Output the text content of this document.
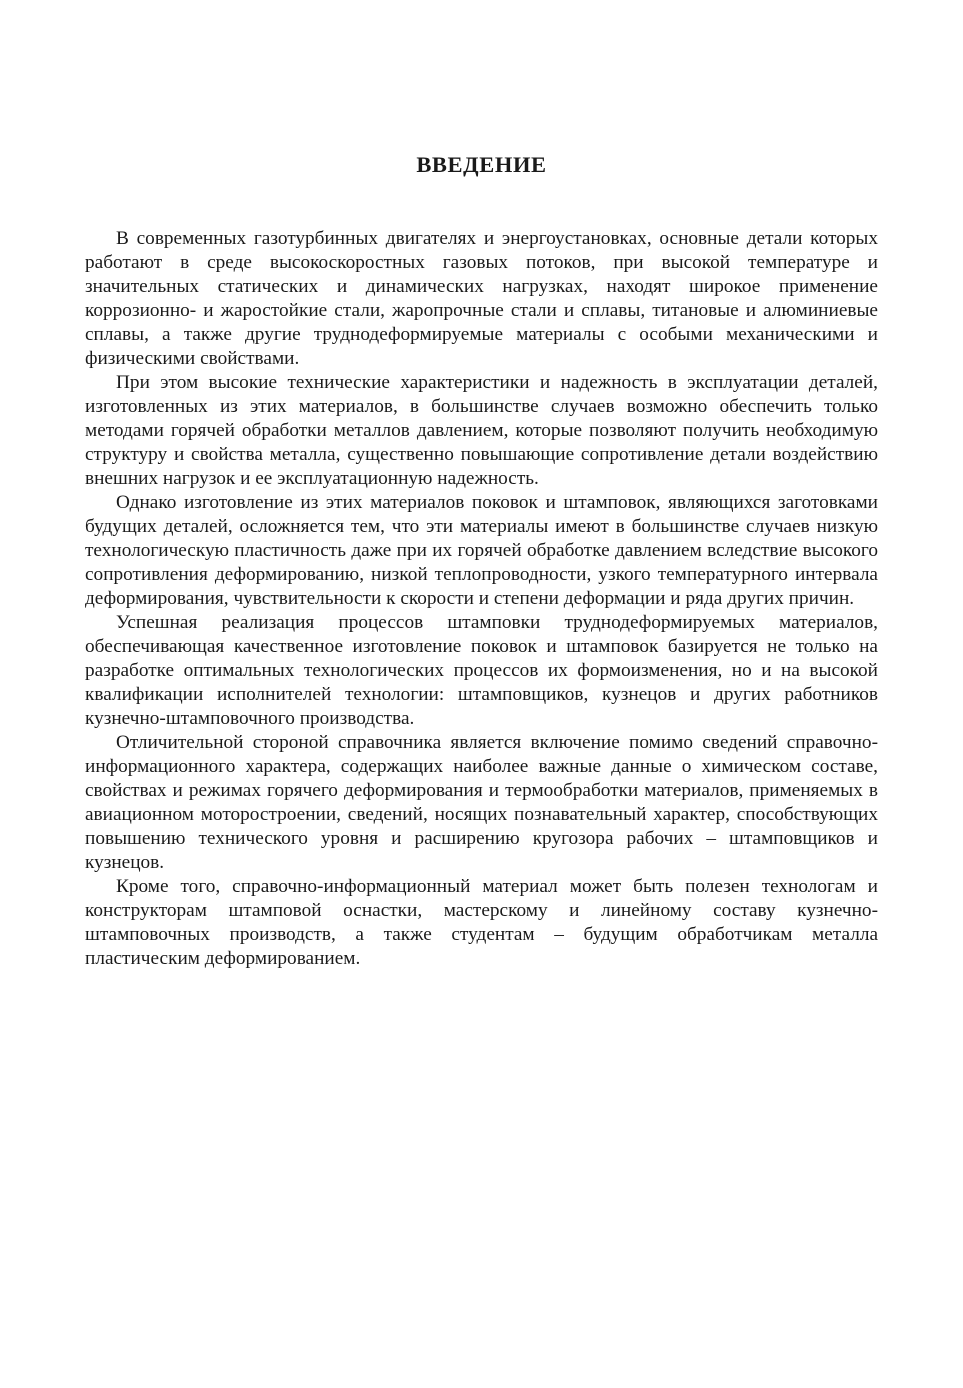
ВВЕДЕНИЕ

В современных газотурбинных двигателях и энергоустановках, основные детали которых работают в среде высокоскоростных газовых потоков, при высокой температуре и значительных статических и динамических нагрузках, находят широкое применение коррозионно- и жаростойкие стали, жаропрочные стали и сплавы, титановые и алюминиевые сплавы, а также другие труднодеформируемые материалы с особыми механическими и физическими свойствами.

При этом высокие технические характеристики и надежность в эксплуатации деталей, изготовленных из этих материалов, в большинстве случаев возможно обеспечить только методами горячей обработки металлов давлением, которые позволяют получить необходимую структуру и свойства металла, существенно повышающие сопротивление детали воздействию внешних нагрузок и ее эксплуатационную надежность.

Однако изготовление из этих материалов поковок и штамповок, являющихся заготовками будущих деталей, осложняется тем, что эти материалы имеют в большинстве случаев низкую технологическую пластичность даже при их горячей обработке давлением вследствие высокого сопротивления деформированию, низкой теплопроводности, узкого температурного интервала деформирования, чувствительности к скорости и степени деформации и ряда других причин.

Успешная реализация процессов штамповки труднодеформируемых материалов, обеспечивающая качественное изготовление поковок и штамповок базируется не только на разработке оптимальных технологических процессов их формоизменения, но и на высокой квалификации исполнителей технологии: штамповщиков, кузнецов и других работников кузнечно-штамповочного производства.

Отличительной стороной справочника является включение помимо сведений справочно-информационного характера, содержащих наиболее важные данные о химическом составе, свойствах и режимах горячего деформирования и термообработки материалов, применяемых в авиационном моторостроении, сведений, носящих познавательный характер, способствующих повышению технического уровня и расширению кругозора рабочих – штамповщиков и кузнецов.

Кроме того, справочно-информационный материал может быть полезен технологам и конструкторам штамповой оснастки, мастерскому и линейному составу кузнечно-штамповочных производств, а также студентам – будущим обработчикам металла пластическим деформированием.
